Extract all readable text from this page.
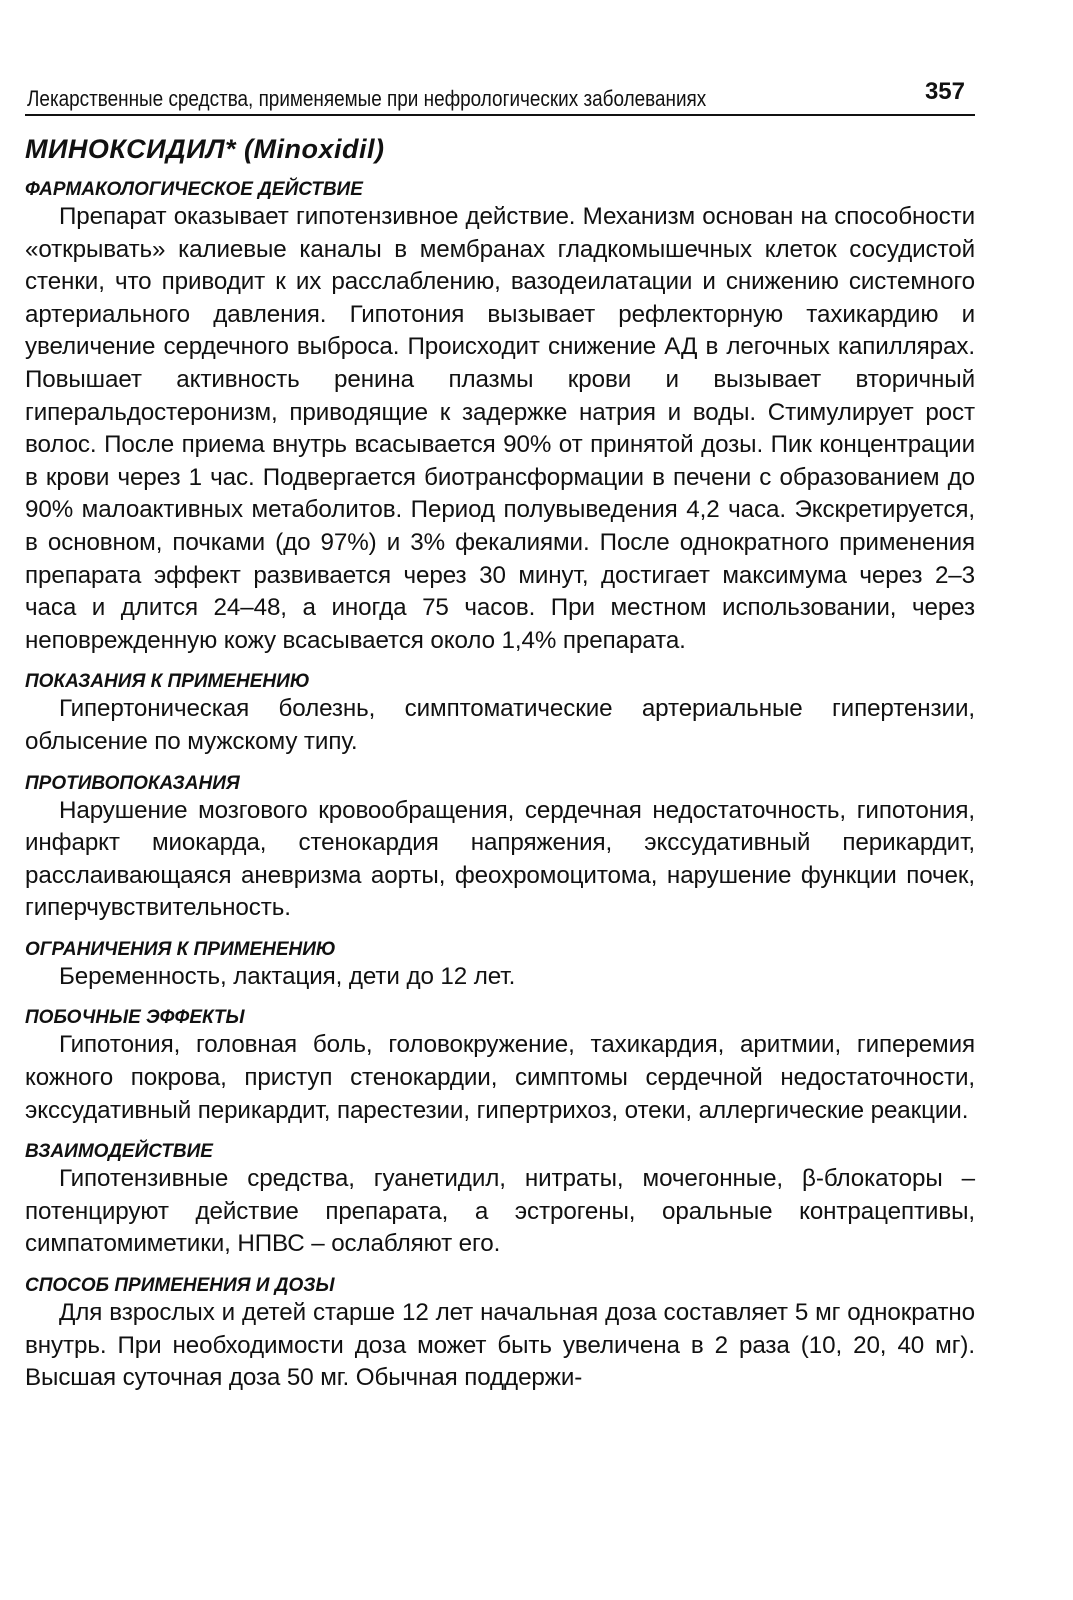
Лекарственные средства, применяемые при нефрологических заболеваниях	357
МИНОКСИДИЛ* (Minoxidil)
ФАРМАКОЛОГИЧЕСКОЕ ДЕЙСТВИЕ
Препарат оказывает гипотензивное действие. Механизм основан на способности «открывать» калиевые каналы в мембранах гладкомышечных клеток сосудистой стенки, что приводит к их расслаблению, вазодеилатации и снижению системного артериального давления. Гипотония вызывает рефлекторную тахикардию и увеличение сердечного выброса. Происходит снижение АД в легочных капиллярах. Повышает активность ренина плазмы крови и вызывает вторичный гиперальдостеронизм, приводящие к задержке натрия и воды. Стимулирует рост волос. После приема внутрь всасывается 90% от принятой дозы. Пик концентрации в крови через 1 час. Подвергается биотрансформации в печени с образованием до 90% малоактивных метаболитов. Период полувыведения 4,2 часа. Экскретируется, в основном, почками (до 97%) и 3% фекалиями. После однократного применения препарата эффект развивается через 30 минут, достигает максимума через 2–3 часа и длится 24–48, а иногда 75 часов. При местном использовании, через неповрежденную кожу всасывается около 1,4% препарата.
ПОКАЗАНИЯ К ПРИМЕНЕНИЮ
Гипертоническая болезнь, симптоматические артериальные гипертензии, облысение по мужскому типу.
ПРОТИВОПОКАЗАНИЯ
Нарушение мозгового кровообращения, сердечная недостаточность, гипотония, инфаркт миокарда, стенокардия напряжения, экссудативный перикардит, расслаивающаяся аневризма аорты, феохромоцитома, нарушение функции почек, гиперчувствительность.
ОГРАНИЧЕНИЯ К ПРИМЕНЕНИЮ
Беременность, лактация, дети до 12 лет.
ПОБОЧНЫЕ ЭФФЕКТЫ
Гипотония, головная боль, головокружение, тахикардия, аритмии, гиперемия кожного покрова, приступ стенокардии, симптомы сердечной недостаточности, экссудативный перикардит, парестезии, гипертрихоз, отеки, аллергические реакции.
ВЗАИМОДЕЙСТВИЕ
Гипотензивные средства, гуанетидил, нитраты, мочегонные, β-блокаторы – потенцируют действие препарата, а эстрогены, оральные контрацептивы, симпатомиметики, НПВС – ослабляют его.
СПОСОБ ПРИМЕНЕНИЯ И ДОЗЫ
Для взрослых и детей старше 12 лет начальная доза составляет 5 мг однократно внутрь. При необходимости доза может быть увеличена в 2 раза (10, 20, 40 мг). Высшая суточная доза 50 мг. Обычная поддержи-
